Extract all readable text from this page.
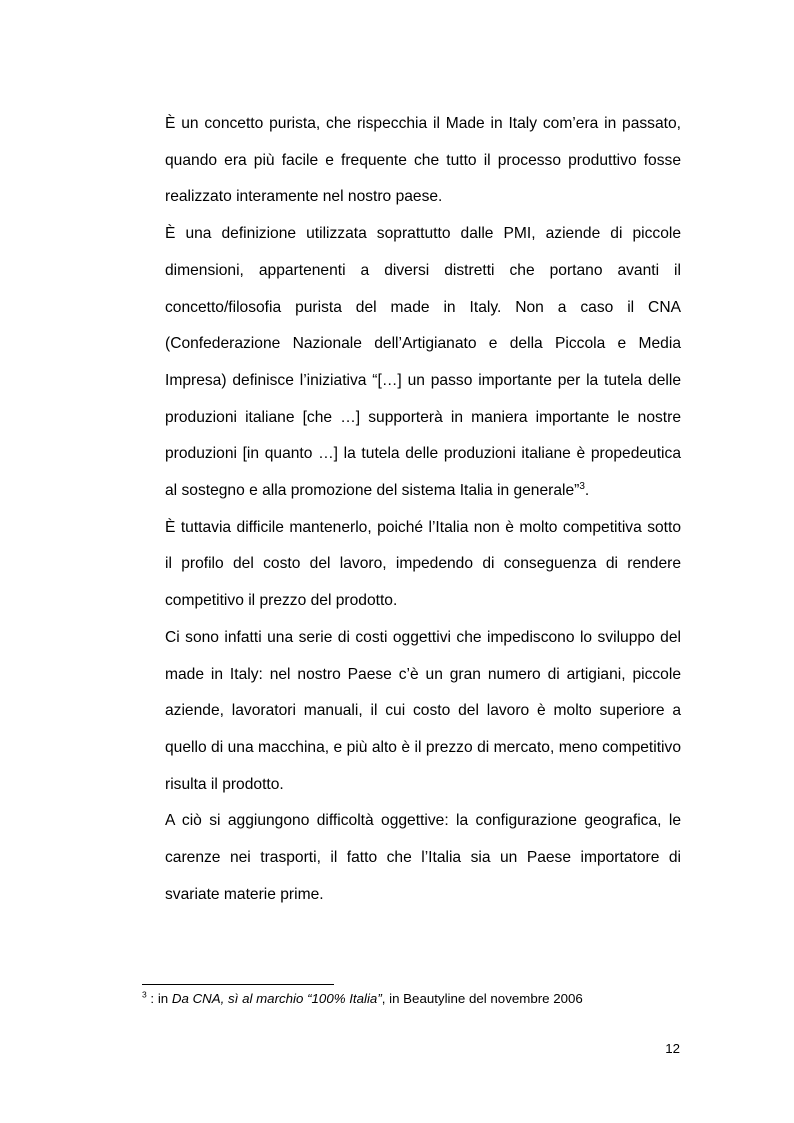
È un concetto purista, che rispecchia il Made in Italy com’era in passato, quando era più facile e frequente che tutto il processo produttivo fosse realizzato interamente nel nostro paese.

È una definizione utilizzata soprattutto dalle PMI, aziende di piccole dimensioni, appartenenti a diversi distretti che portano avanti il concetto/filosofia purista del made in Italy. Non a caso il CNA (Confederazione Nazionale dell’Artigianato e della Piccola e Media Impresa) definisce l’iniziativa “[…] un passo importante per la tutela delle produzioni italiane [che …] supporterà in maniera importante le nostre produzioni [in quanto …] la tutela delle produzioni italiane è propedeutica al sostegno e alla promozione del sistema Italia in generale”$^3$.

È tuttavia difficile mantenerlo, poiché l’Italia non è molto competitiva sotto il profilo del costo del lavoro, impedendo di conseguenza di rendere competitivo il prezzo del prodotto.

Ci sono infatti una serie di costi oggettivi che impediscono lo sviluppo del made in Italy: nel nostro Paese c’è un gran numero di artigiani, piccole aziende, lavoratori manuali, il cui costo del lavoro è molto superiore a quello di una macchina, e più alto è il prezzo di mercato, meno competitivo risulta il prodotto.

A ciò si aggiungono difficoltà oggettive: la configurazione geografica, le carenze nei trasporti, il fatto che l’Italia sia un Paese importatore di svariate materie prime.

$^3$ : in Da CNA, sì al marchio “100% Italia”, in Beautyline del novembre 2006
12
